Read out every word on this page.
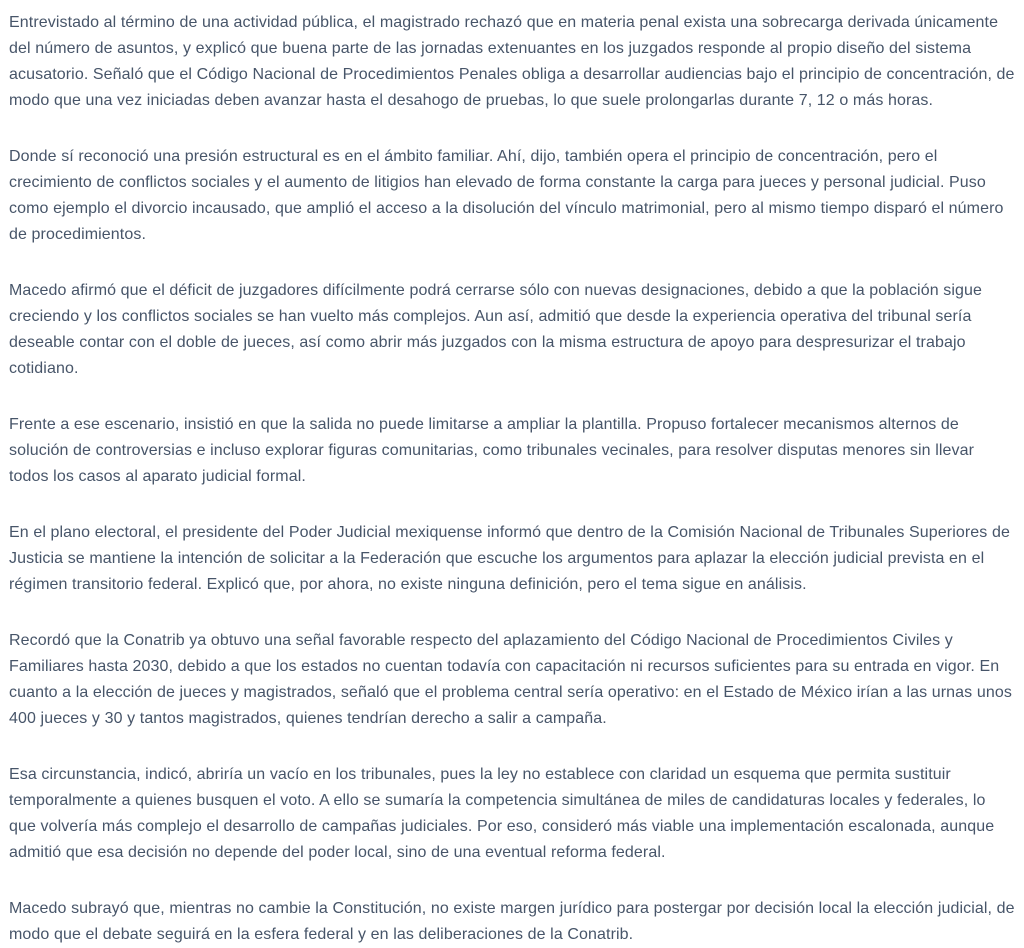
Entrevistado al término de una actividad pública, el magistrado rechazó que en materia penal exista una sobrecarga derivada únicamente del número de asuntos, y explicó que buena parte de las jornadas extenuantes en los juzgados responde al propio diseño del sistema acusatorio. Señaló que el Código Nacional de Procedimientos Penales obliga a desarrollar audiencias bajo el principio de concentración, de modo que una vez iniciadas deben avanzar hasta el desahogo de pruebas, lo que suele prolongarlas durante 7, 12 o más horas.

Donde sí reconoció una presión estructural es en el ámbito familiar. Ahí, dijo, también opera el principio de concentración, pero el crecimiento de conflictos sociales y el aumento de litigios han elevado de forma constante la carga para jueces y personal judicial. Puso como ejemplo el divorcio incausado, que amplió el acceso a la disolución del vínculo matrimonial, pero al mismo tiempo disparó el número de procedimientos.

Macedo afirmó que el déficit de juzgadores difícilmente podrá cerrarse sólo con nuevas designaciones, debido a que la población sigue creciendo y los conflictos sociales se han vuelto más complejos. Aun así, admitió que desde la experiencia operativa del tribunal sería deseable contar con el doble de jueces, así como abrir más juzgados con la misma estructura de apoyo para despresurizar el trabajo cotidiano.

Frente a ese escenario, insistió en que la salida no puede limitarse a ampliar la plantilla. Propuso fortalecer mecanismos alternos de solución de controversias e incluso explorar figuras comunitarias, como tribunales vecinales, para resolver disputas menores sin llevar todos los casos al aparato judicial formal.

En el plano electoral, el presidente del Poder Judicial mexiquense informó que dentro de la Comisión Nacional de Tribunales Superiores de Justicia se mantiene la intención de solicitar a la Federación que escuche los argumentos para aplazar la elección judicial prevista en el régimen transitorio federal. Explicó que, por ahora, no existe ninguna definición, pero el tema sigue en análisis.

Recordó que la Conatrib ya obtuvo una señal favorable respecto del aplazamiento del Código Nacional de Procedimientos Civiles y Familiares hasta 2030, debido a que los estados no cuentan todavía con capacitación ni recursos suficientes para su entrada en vigor. En cuanto a la elección de jueces y magistrados, señaló que el problema central sería operativo: en el Estado de México irían a las urnas unos 400 jueces y 30 y tantos magistrados, quienes tendrían derecho a salir a campaña.

Esa circunstancia, indicó, abriría un vacío en los tribunales, pues la ley no establece con claridad un esquema que permita sustituir temporalmente a quienes busquen el voto. A ello se sumaría la competencia simultánea de miles de candidaturas locales y federales, lo que volvería más complejo el desarrollo de campañas judiciales. Por eso, consideró más viable una implementación escalonada, aunque admitió que esa decisión no depende del poder local, sino de una eventual reforma federal.

Macedo subrayó que, mientras no cambie la Constitución, no existe margen jurídico para postergar por decisión local la elección judicial, de modo que el debate seguirá en la esfera federal y en las deliberaciones de la Conatrib.
